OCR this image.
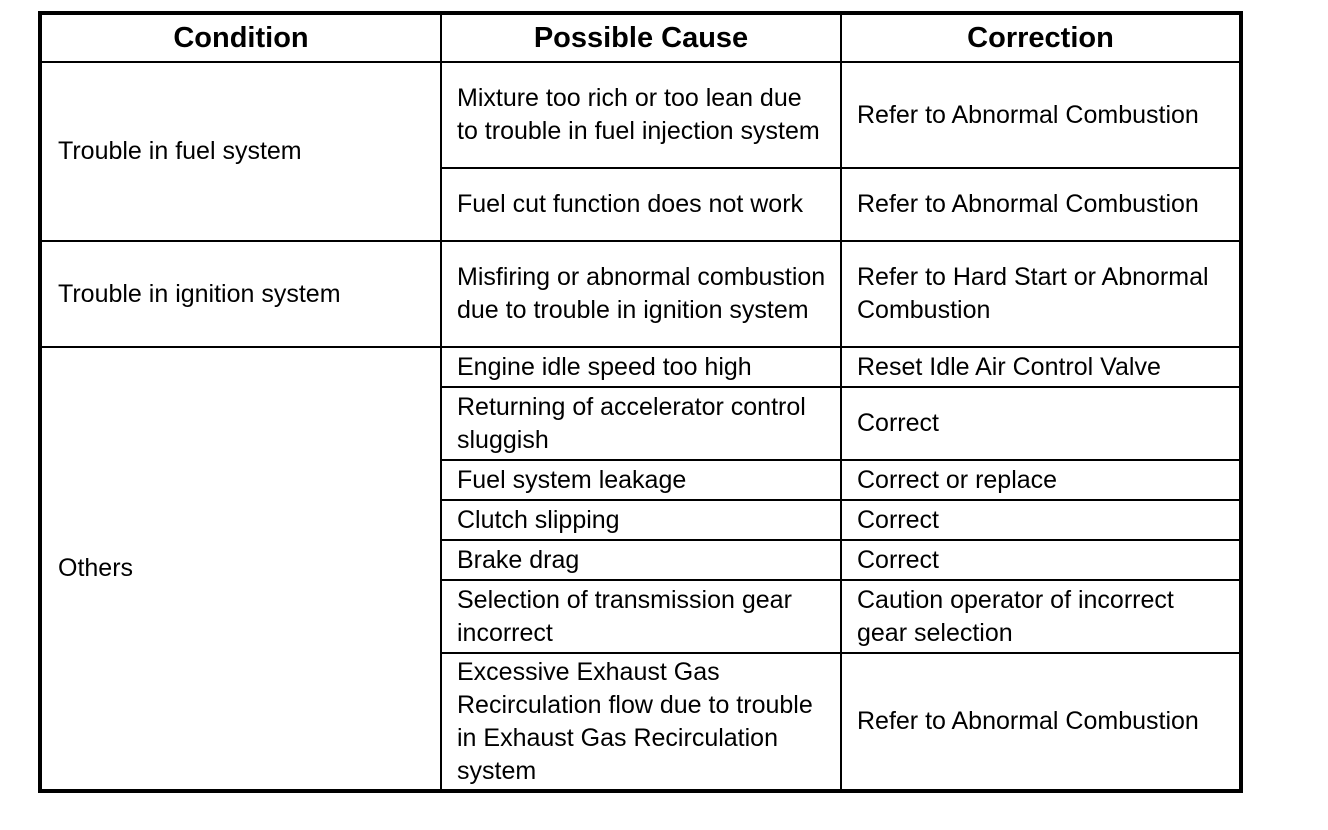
Condition	Possible Cause	Correction
Trouble in fuel system	Mixture too rich or too lean due to trouble in fuel injection system	Refer to Abnormal Combustion
	Fuel cut function does not work	Refer to Abnormal Combustion
Trouble in ignition system	Misfiring or abnormal combustion due to trouble in ignition system	Refer to Hard Start or Abnormal Combustion
Others	Engine idle speed too high	Reset Idle Air Control Valve
	Returning of accelerator control sluggish	Correct
	Fuel system leakage	Correct or replace
	Clutch slipping	Correct
	Brake drag	Correct
	Selection of transmission gear incorrect	Caution operator of incorrect gear selection
	Excessive Exhaust Gas Recirculation flow due to trouble in Exhaust Gas Recirculation system	Refer to Abnormal Combustion
